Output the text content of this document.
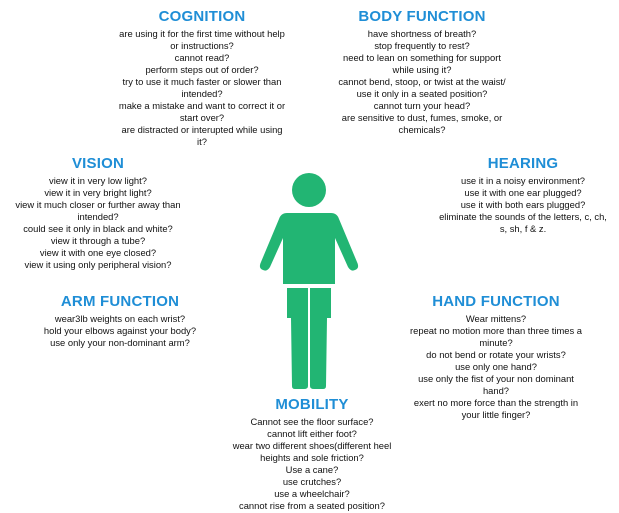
COGNITION
are using it for the first time without help
or instructions?
cannot read?
perform steps out of order?
try to use it much faster or slower than
intended?
make a mistake and want to correct it or
start over?
are distracted or interupted while using
it?
BODY FUNCTION
have shortness of breath?
stop frequently to rest?
need to lean on something for support
while using it?
cannot bend, stoop, or twist at the waist/
use it only in a seated position?
cannot turn your head?
are sensitive to dust, fumes, smoke, or
chemicals?
VISION
view it in very low light?
view it in very bright light?
view it much closer or further away than
intended?
could see it only in black and white?
view it through a tube?
view it with one eye closed?
view it using only peripheral vision?
HEARING
use it in a noisy environment?
use it with one ear plugged?
use it with both ears plugged?
eliminate the sounds of the letters, c, ch,
s, sh, f & z.
ARM FUNCTION
wear3lb weights on each wrist?
hold your elbows against your body?
use only your non-dominant arm?
HAND FUNCTION
Wear mittens?
repeat no motion more than three times a
minute?
do not bend or rotate your wrists?
use only one hand?
use only the fist of your non dominant
hand?
exert no more force than the strength in
your little finger?
MOBILITY
Cannot see the floor surface?
cannot lift either foot?
wear two different shoes(different heel
heights and sole friction?
Use a cane?
use crutches?
use a wheelchair?
cannot rise from a seated position?
